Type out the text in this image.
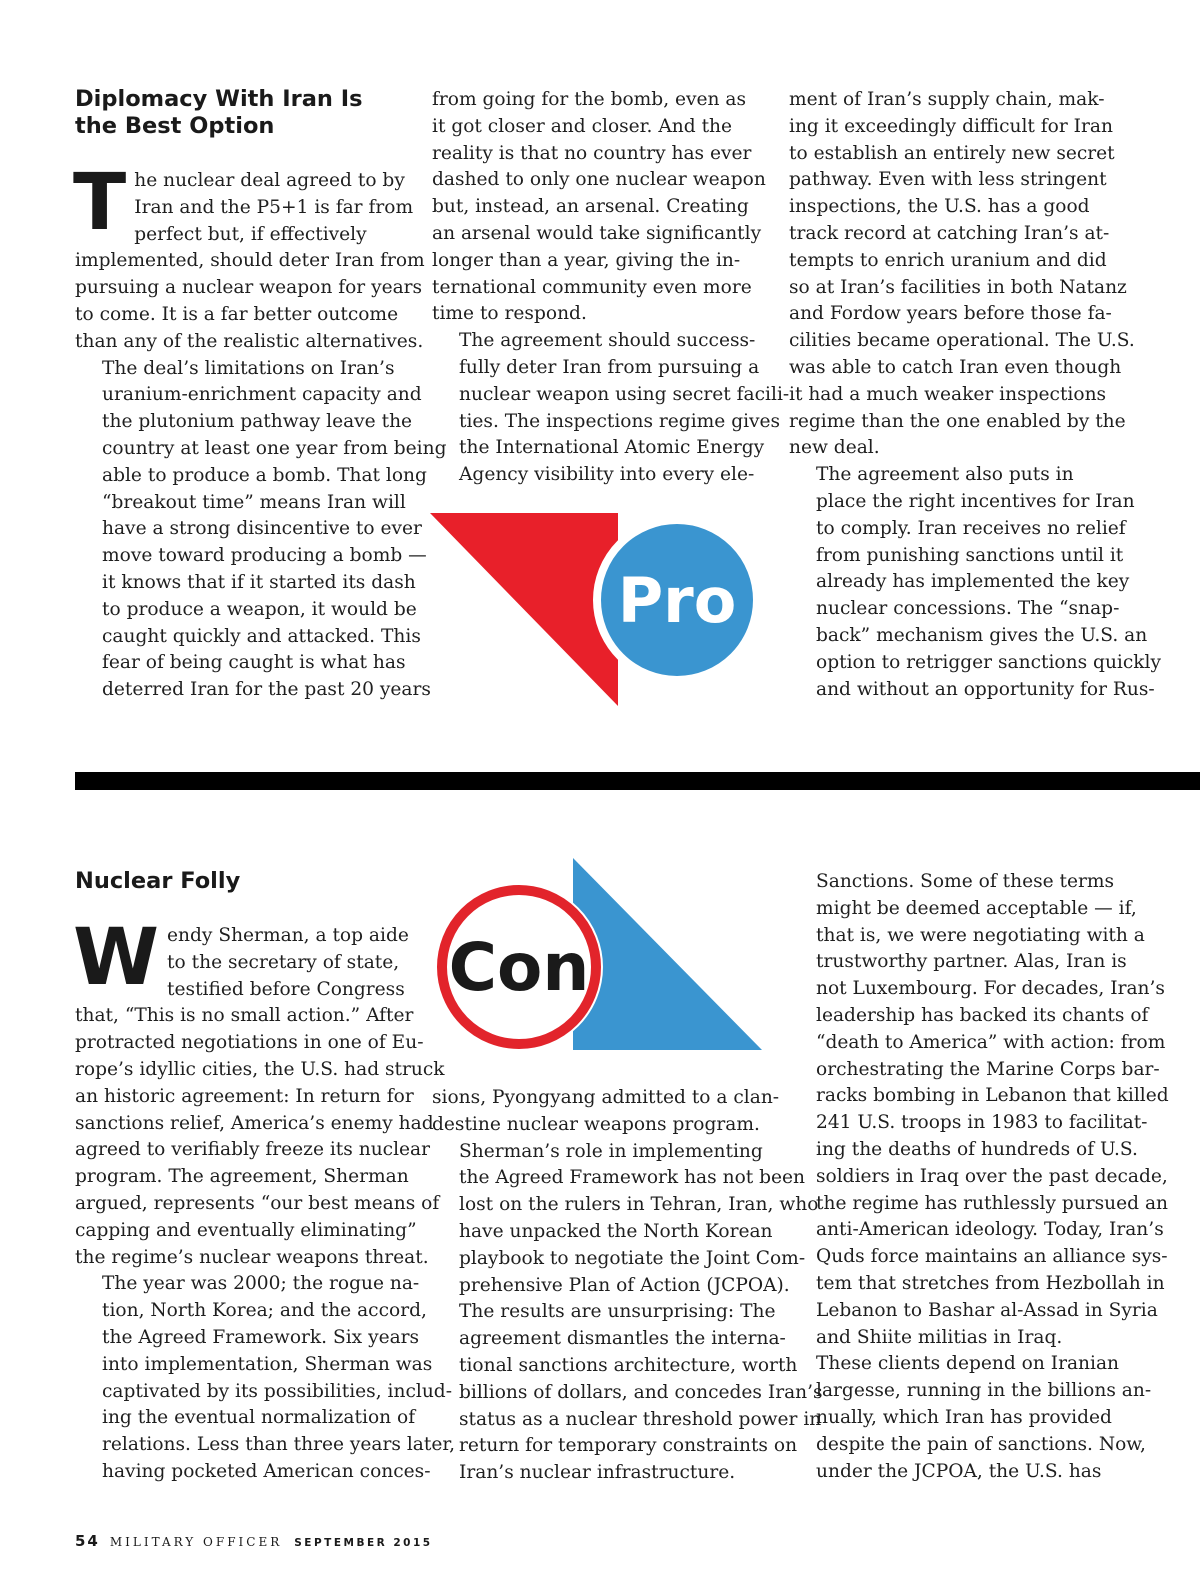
Diplomacy With Iran Is
the Best Option

T he nuclear deal agreed to by
Iran and the P5+1 is far from
perfect but, if effectively
implemented, should deter Iran from
pursuing a nuclear weapon for years
to come. It is a far better outcome
than any of the realistic alternatives.

The deal’s limitations on Iran’s
uranium-enrichment capacity and
the plutonium pathway leave the
country at least one year from being
able to produce a bomb. That long
“breakout time” means Iran will
have a strong disincentive to ever
move toward producing a bomb —
it knows that if it started its dash
to produce a weapon, it would be
caught quickly and attacked. This
fear of being caught is what has
deterred Iran for the past 20 years

from going for the bomb, even as
it got closer and closer. And the
reality is that no country has ever
dashed to only one nuclear weapon
but, instead, an arsenal. Creating
an arsenal would take significantly
longer than a year, giving the in-
ternational community even more
time to respond.

The agreement should success-
fully deter Iran from pursuing a
nuclear weapon using secret facili-
ties. The inspections regime gives
the International Atomic Energy
Agency visibility into every ele-

ment of Iran’s supply chain, mak-
ing it exceedingly difficult for Iran
to establish an entirely new secret
pathway. Even with less stringent
inspections, the U.S. has a good
track record at catching Iran’s at-
tempts to enrich uranium and did
so at Iran’s facilities in both Natanz
and Fordow years before those fa-
cilities became operational. The U.S.
was able to catch Iran even though
it had a much weaker inspections
regime than the one enabled by the
new deal.

The agreement also puts in
place the right incentives for Iran
to comply. Iran receives no relief
from punishing sanctions until it
already has implemented the key
nuclear concessions. The “snap-
back” mechanism gives the U.S. an
option to retrigger sanctions quickly
and without an opportunity for Rus-

Pro
Nuclear Folly

W endy Sherman, a top aide
to the secretary of state,
testified before Congress
that, “This is no small action.” After
protracted negotiations in one of Eu-
rope’s idyllic cities, the U.S. had struck
an historic agreement: In return for
sanctions relief, America’s enemy had
agreed to verifiably freeze its nuclear
program. The agreement, Sherman
argued, represents “our best means of
capping and eventually eliminating”
the regime’s nuclear weapons threat.

The year was 2000; the rogue na-
tion, North Korea; and the accord,
the Agreed Framework. Six years
into implementation, Sherman was
captivated by its possibilities, includ-
ing the eventual normalization of
relations. Less than three years later,
having pocketed American conces-

sions, Pyongyang admitted to a clan-
destine nuclear weapons program.

Sherman’s role in implementing
the Agreed Framework has not been
lost on the rulers in Tehran, Iran, who
have unpacked the North Korean
playbook to negotiate the Joint Com-
prehensive Plan of Action (JCPOA).
The results are unsurprising: The
agreement dismantles the interna-
tional sanctions architecture, worth
billions of dollars, and concedes Iran’s
status as a nuclear threshold power in
return for temporary constraints on
Iran’s nuclear infrastructure.

Sanctions. Some of these terms
might be deemed acceptable — if,
that is, we were negotiating with a
trustworthy partner. Alas, Iran is
not Luxembourg. For decades, Iran’s
leadership has backed its chants of
“death to America” with action: from
orchestrating the Marine Corps bar-
racks bombing in Lebanon that killed
241 U.S. troops in 1983 to facilitat-
ing the deaths of hundreds of U.S.
soldiers in Iraq over the past decade,
the regime has ruthlessly pursued an
anti-American ideology. Today, Iran’s
Quds force maintains an alliance sys-
tem that stretches from Hezbollah in
Lebanon to Bashar al-Assad in Syria
and Shiite militias in Iraq.

These clients depend on Iranian
largesse, running in the billions an-
nually, which Iran has provided
despite the pain of sanctions. Now,
under the JCPOA, the U.S. has

Con
54 MILITARY OFFICER SEPTEMBER 2015
